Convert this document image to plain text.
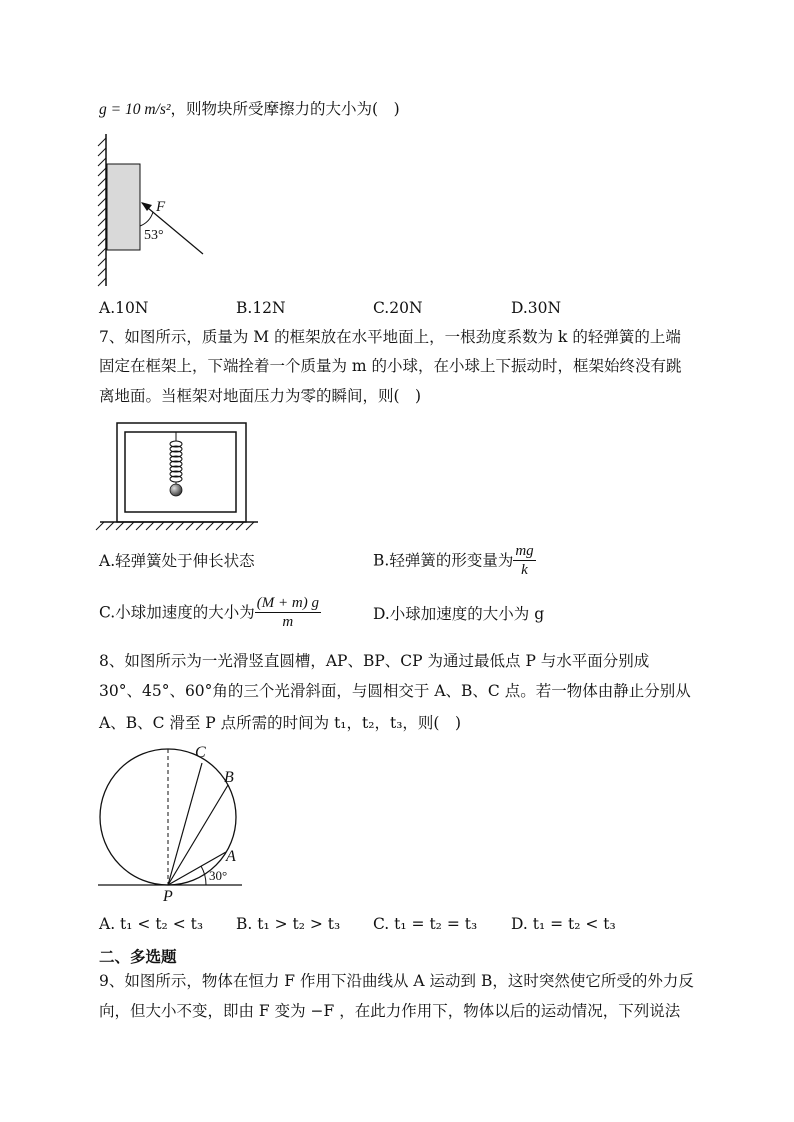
g = 10 m/s²，则物块所受摩擦力的大小为(　)
F
53°
A.10N	B.12N	C.20N	D.30N
7、如图所示，质量为 M 的框架放在水平地面上，一根劲度系数为 k 的轻弹簧的上端
固定在框架上，下端拴着一个质量为 m 的小球，在小球上下振动时，框架始终没有跳
离地面。当框架对地面压力为零的瞬间，则(　)
A.轻弹簧处于伸长状态	B.轻弹簧的形变量为 $\frac{mg}{k}$
C.小球加速度的大小为 $\frac{(M + m) g}{m}$	D.小球加速度的大小为 g
8、如图所示为一光滑竖直圆槽，AP、BP、CP 为通过最低点 P 与水平面分别成
30°、45°、60°角的三个光滑斜面，与圆相交于 A、B、C 点。若一物体由静止分别从
A、B、C 滑至 P 点所需的时间为 t₁，t₂，t₃，则(　)
C
B
A
P
30°
A. t₁ < t₂ < t₃ B. t₁ > t₂ > t₃ C. t₁ = t₂ = t₃ D. t₁ = t₂ < t₃
二、多选题
9、如图所示，物体在恒力 F 作用下沿曲线从 A 运动到 B，这时突然使它所受的外力反
向，但大小不变，即由 F 变为 −F ，在此力作用下，物体以后的运动情况，下列说法
